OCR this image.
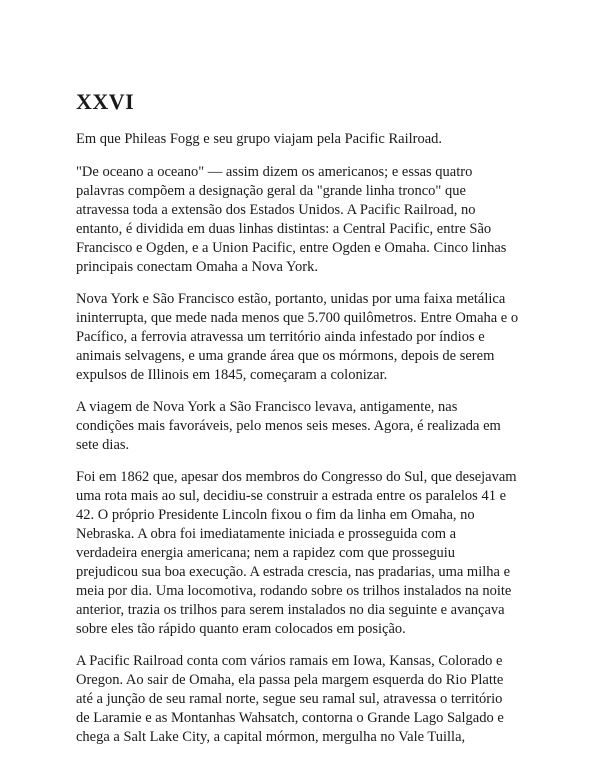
XXVI

Em que Phileas Fogg e seu grupo viajam pela Pacific Railroad.

"De oceano a oceano" — assim dizem os americanos; e essas quatro
palavras compõem a designação geral da "grande linha tronco" que
atravessa toda a extensão dos Estados Unidos. A Pacific Railroad, no
entanto, é dividida em duas linhas distintas: a Central Pacific, entre São
Francisco e Ogden, e a Union Pacific, entre Ogden e Omaha. Cinco linhas
principais conectam Omaha a Nova York.

Nova York e São Francisco estão, portanto, unidas por uma faixa metálica
ininterrupta, que mede nada menos que 5.700 quilômetros. Entre Omaha e o
Pacífico, a ferrovia atravessa um território ainda infestado por índios e
animais selvagens, e uma grande área que os mórmons, depois de serem
expulsos de Illinois em 1845, começaram a colonizar.

A viagem de Nova York a São Francisco levava, antigamente, nas
condições mais favoráveis, pelo menos seis meses. Agora, é realizada em
sete dias.

Foi em 1862 que, apesar dos membros do Congresso do Sul, que desejavam
uma rota mais ao sul, decidiu-se construir a estrada entre os paralelos 41 e
42. O próprio Presidente Lincoln fixou o fim da linha em Omaha, no
Nebraska. A obra foi imediatamente iniciada e prosseguida com a
verdadeira energia americana; nem a rapidez com que prosseguiu
prejudicou sua boa execução. A estrada crescia, nas pradarias, uma milha e
meia por dia. Uma locomotiva, rodando sobre os trilhos instalados na noite
anterior, trazia os trilhos para serem instalados no dia seguinte e avançava
sobre eles tão rápido quanto eram colocados em posição.

A Pacific Railroad conta com vários ramais em Iowa, Kansas, Colorado e
Oregon. Ao sair de Omaha, ela passa pela margem esquerda do Rio Platte
até a junção de seu ramal norte, segue seu ramal sul, atravessa o território
de Laramie e as Montanhas Wahsatch, contorna o Grande Lago Salgado e
chega a Salt Lake City, a capital mórmon, mergulha no Vale Tuilla,
